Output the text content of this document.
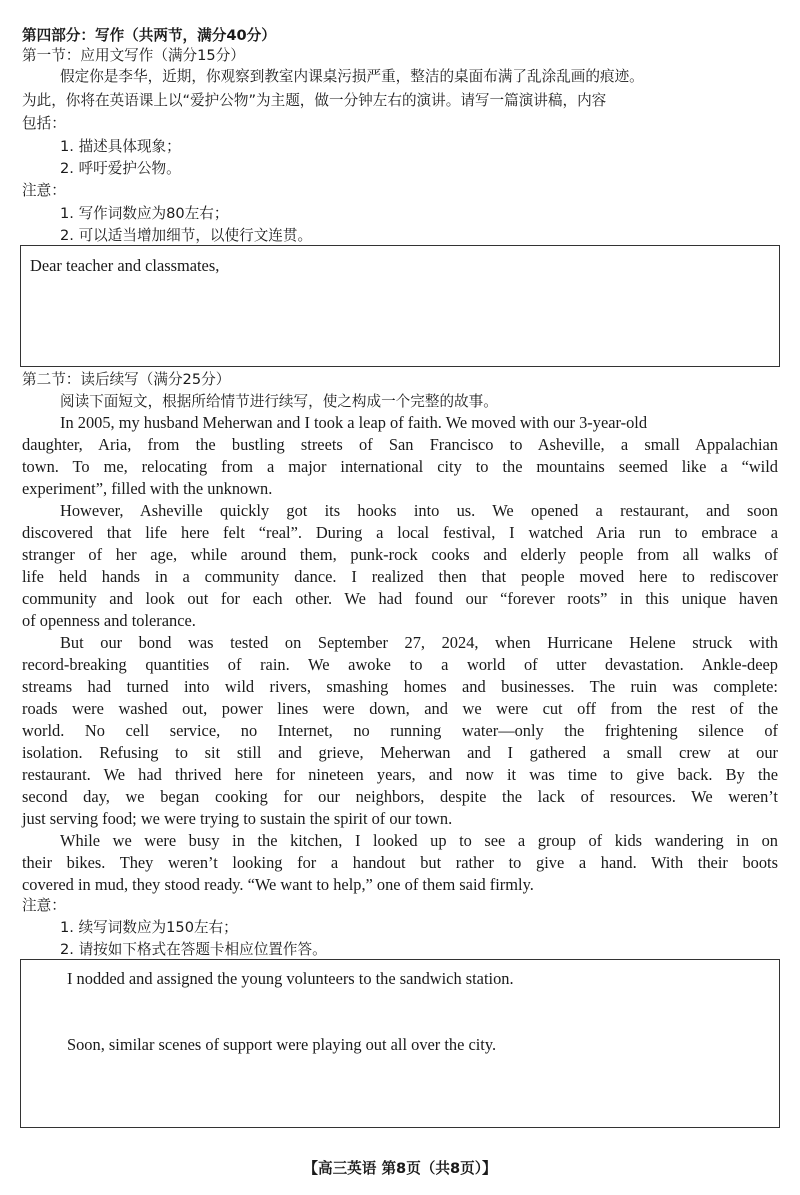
第四部分：写作（共两节，满分40分）
第一节：应用文写作（满分15分）
假定你是李华，近期，你观察到教室内课桌污损严重，整洁的桌面布满了乱涂乱画的痕迹。
为此，你将在英语课上以“爱护公物”为主题，做一分钟左右的演讲。请写一篇演讲稿，内容
包括：
1. 描述具体现象；
2. 呼吁爱护公物。
注意：
1. 写作词数应为80左右；
2. 可以适当增加细节，以使行文连贯。
Dear teacher and classmates,
第二节：读后续写（满分25分）
阅读下面短文，根据所给情节进行续写，使之构成一个完整的故事。
In 2005, my husband Meherwan and I took a leap of faith. We moved with our 3-year-old
daughter, Aria, from the bustling streets of San Francisco to Asheville, a small Appalachian
town. To me, relocating from a major international city to the mountains seemed like a “wild
experiment”, filled with the unknown.
However, Asheville quickly got its hooks into us. We opened a restaurant, and soon
discovered that life here felt “real”. During a local festival, I watched Aria run to embrace a
stranger of her age, while around them, punk-rock cooks and elderly people from all walks of
life held hands in a community dance. I realized then that people moved here to rediscover
community and look out for each other. We had found our “forever roots” in this unique haven
of openness and tolerance.
But our bond was tested on September 27, 2024, when Hurricane Helene struck with
record-breaking quantities of rain. We awoke to a world of utter devastation. Ankle-deep
streams had turned into wild rivers, smashing homes and businesses. The ruin was complete:
roads were washed out, power lines were down, and we were cut off from the rest of the
world. No cell service, no Internet, no running water—only the frightening silence of
isolation. Refusing to sit still and grieve, Meherwan and I gathered a small crew at our
restaurant. We had thrived here for nineteen years, and now it was time to give back. By the
second day, we began cooking for our neighbors, despite the lack of resources. We weren’t
just serving food; we were trying to sustain the spirit of our town.
While we were busy in the kitchen, I looked up to see a group of kids wandering in on
their bikes. They weren’t looking for a handout but rather to give a hand. With their boots
covered in mud, they stood ready. “We want to help,” one of them said firmly.
注意：
1. 续写词数应为150左右；
2. 请按如下格式在答题卡相应位置作答。
I nodded and assigned the young volunteers to the sandwich station.
Soon, similar scenes of support were playing out all over the city.
【高三英语 第8页（共8页）】
